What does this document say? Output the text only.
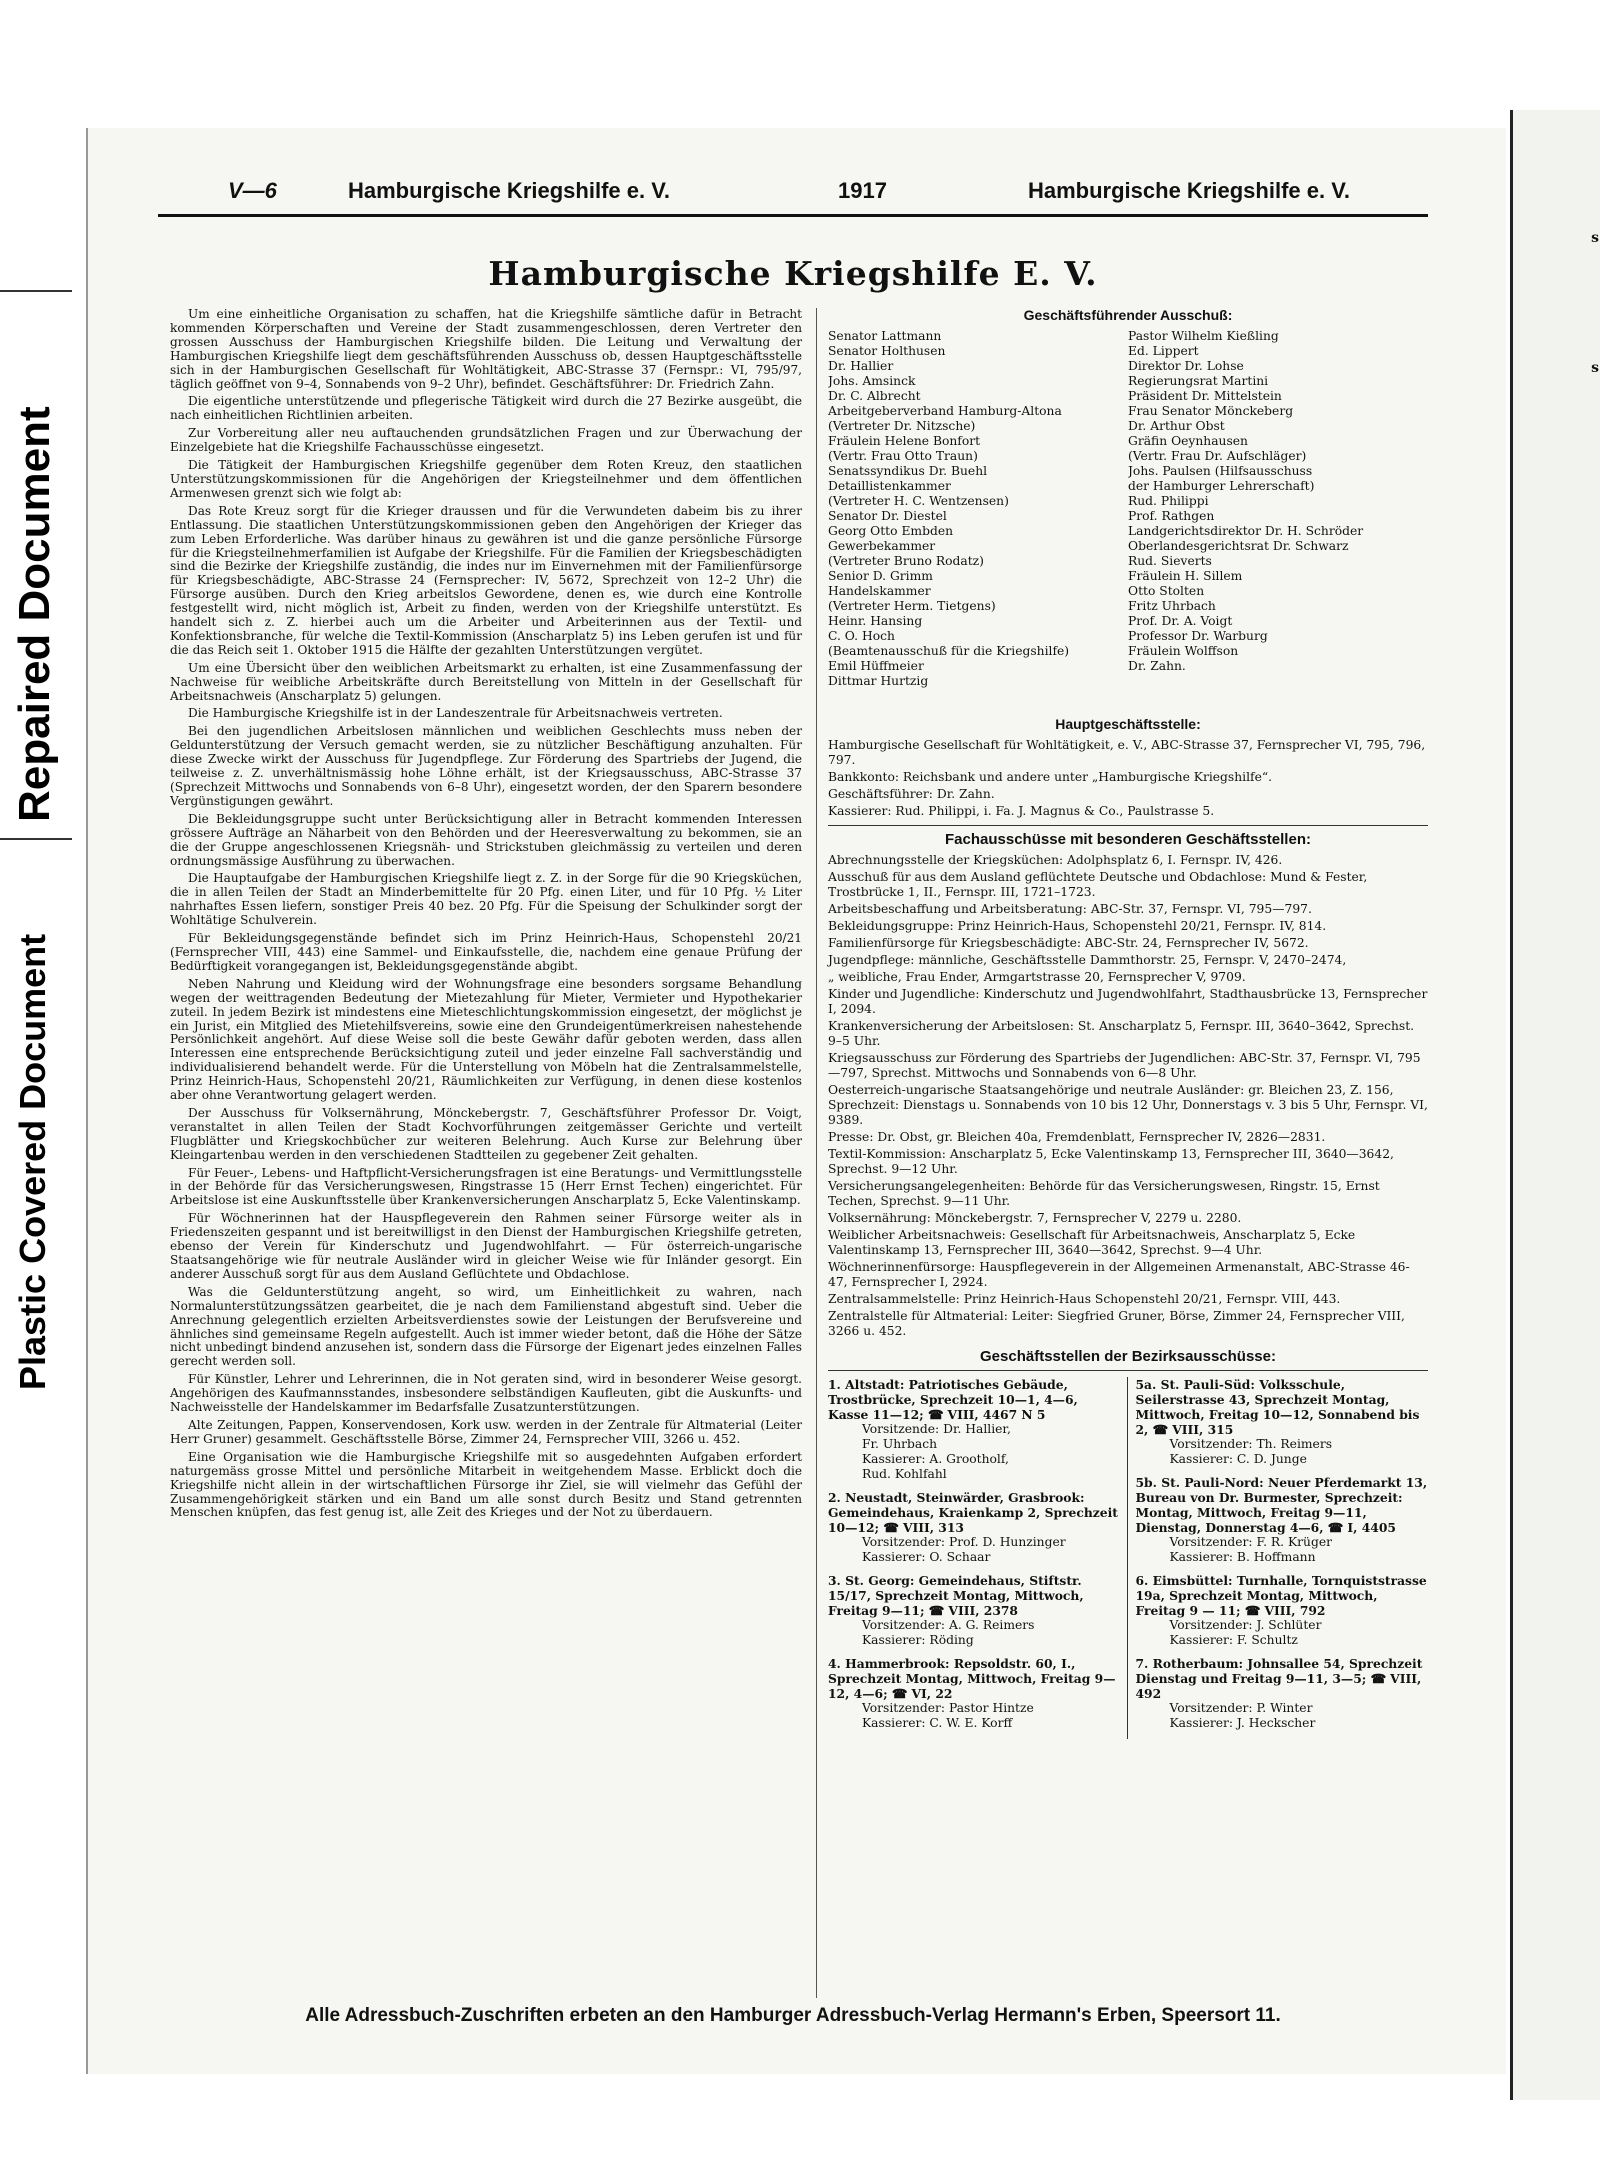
Repaired Document
Plastic Covered Document
s
s
V—6	Hamburgische Kriegshilfe e. V.	1917	Hamburgische Kriegshilfe e. V.
Hamburgische Kriegshilfe E. V.

Um eine einheitliche Organisation zu schaffen, hat die Kriegshilfe sämtliche dafür in Betracht kommenden Körperschaften und Vereine der Stadt zusammengeschlossen, deren Vertreter den grossen Ausschuss der Hamburgischen Kriegshilfe bilden. Die Leitung und Verwaltung der Hamburgischen Kriegshilfe liegt dem geschäftsführenden Ausschuss ob, dessen Hauptgeschäftsstelle sich in der Hamburgischen Gesellschaft für Wohltätigkeit, ABC-Strasse 37 (Fernspr.: VI, 795/97, täglich geöffnet von 9–4, Sonnabends von 9–2 Uhr), befindet. Geschäftsführer: Dr. Friedrich Zahn.

Die eigentliche unterstützende und pflegerische Tätigkeit wird durch die 27 Bezirke ausgeübt, die nach einheitlichen Richtlinien arbeiten.

Zur Vorbereitung aller neu auftauchenden grundsätzlichen Fragen und zur Überwachung der Einzelgebiete hat die Kriegshilfe Fachausschüsse eingesetzt.

Die Tätigkeit der Hamburgischen Kriegshilfe gegenüber dem Roten Kreuz, den staatlichen Unterstützungskommissionen für die Angehörigen der Kriegsteilnehmer und dem öffentlichen Armenwesen grenzt sich wie folgt ab:

Das Rote Kreuz sorgt für die Krieger draussen und für die Verwundeten dabeim bis zu ihrer Entlassung. Die staatlichen Unterstützungskommissionen geben den Angehörigen der Krieger das zum Leben Erforderliche. Was darüber hinaus zu gewähren ist und die ganze persönliche Fürsorge für die Kriegsteilnehmerfamilien ist Aufgabe der Kriegshilfe. Für die Familien der Kriegsbeschädigten sind die Bezirke der Kriegshilfe zuständig, die indes nur im Einvernehmen mit der Familienfürsorge für Kriegsbeschädigte, ABC-Strasse 24 (Fernsprecher: IV, 5672, Sprechzeit von 12–2 Uhr) die Fürsorge ausüben. Durch den Krieg arbeitslos Gewordene, denen es, wie durch eine Kontrolle festgestellt wird, nicht möglich ist, Arbeit zu finden, werden von der Kriegshilfe unterstützt. Es handelt sich z. Z. hierbei auch um die Arbeiter und Arbeiterinnen aus der Textil- und Konfektionsbranche, für welche die Textil-Kommission (Anscharplatz 5) ins Leben gerufen ist und für die das Reich seit 1. Oktober 1915 die Hälfte der gezahlten Unterstützungen vergütet.

Um eine Übersicht über den weiblichen Arbeitsmarkt zu erhalten, ist eine Zusammenfassung der Nachweise für weibliche Arbeitskräfte durch Bereitstellung von Mitteln in der Gesellschaft für Arbeitsnachweis (Anscharplatz 5) gelungen.

Die Hamburgische Kriegshilfe ist in der Landeszentrale für Arbeitsnachweis vertreten.

Bei den jugendlichen Arbeitslosen männlichen und weiblichen Geschlechts muss neben der Geldunterstützung der Versuch gemacht werden, sie zu nützlicher Beschäftigung anzuhalten. Für diese Zwecke wirkt der Ausschuss für Jugendpflege. Zur Förderung des Spartriebs der Jugend, die teilweise z. Z. unverhältnismässig hohe Löhne erhält, ist der Kriegsausschuss, ABC-Strasse 37 (Sprechzeit Mittwochs und Sonnabends von 6–8 Uhr), eingesetzt worden, der den Sparern besondere Vergünstigungen gewährt.

Die Bekleidungsgruppe sucht unter Berücksichtigung aller in Betracht kommenden Interessen grössere Aufträge an Näharbeit von den Behörden und der Heeresverwaltung zu bekommen, sie an die der Gruppe angeschlossenen Kriegsnäh- und Strickstuben gleichmässig zu verteilen und deren ordnungsmässige Ausführung zu überwachen.

Die Hauptaufgabe der Hamburgischen Kriegshilfe liegt z. Z. in der Sorge für die 90 Kriegsküchen, die in allen Teilen der Stadt an Minderbemittelte für 20 Pfg. einen Liter, und für 10 Pfg. ½ Liter nahrhaftes Essen liefern, sonstiger Preis 40 bez. 20 Pfg. Für die Speisung der Schulkinder sorgt der Wohltätige Schulverein.

Für Bekleidungsgegenstände befindet sich im Prinz Heinrich-Haus, Schopenstehl 20/21 (Fernsprecher VIII, 443) eine Sammel- und Einkaufsstelle, die, nachdem eine genaue Prüfung der Bedürftigkeit vorangegangen ist, Bekleidungsgegenstände abgibt.

Neben Nahrung und Kleidung wird der Wohnungsfrage eine besonders sorgsame Behandlung wegen der weittragenden Bedeutung der Mietezahlung für Mieter, Vermieter und Hypothekarier zuteil. In jedem Bezirk ist mindestens eine Mieteschlichtungskommission eingesetzt, der möglichst je ein Jurist, ein Mitglied des Mietehilfsvereins, sowie eine den Grundeigentümerkreisen nahestehende Persönlichkeit angehört. Auf diese Weise soll die beste Gewähr dafür geboten werden, dass allen Interessen eine entsprechende Berücksichtigung zuteil und jeder einzelne Fall sachverständig und individualisierend behandelt werde. Für die Unterstellung von Möbeln hat die Zentralsammelstelle, Prinz Heinrich-Haus, Schopenstehl 20/21, Räumlichkeiten zur Verfügung, in denen diese kostenlos aber ohne Verantwortung gelagert werden.

Der Ausschuss für Volksernährung, Mönckebergstr. 7, Geschäftsführer Professor Dr. Voigt, veranstaltet in allen Teilen der Stadt Kochvorführungen zeitgemässer Gerichte und verteilt Flugblätter und Kriegskochbücher zur weiteren Belehrung. Auch Kurse zur Belehrung über Kleingartenbau werden in den verschiedenen Stadtteilen zu gegebener Zeit gehalten.

Für Feuer-, Lebens- und Haftpflicht-Versicherungsfragen ist eine Beratungs- und Vermittlungsstelle in der Behörde für das Versicherungswesen, Ringstrasse 15 (Herr Ernst Techen) eingerichtet. Für Arbeitslose ist eine Auskunftsstelle über Krankenversicherungen Anscharplatz 5, Ecke Valentinskamp.

Für Wöchnerinnen hat der Hauspflegeverein den Rahmen seiner Fürsorge weiter als in Friedenszeiten gespannt und ist bereitwilligst in den Dienst der Hamburgischen Kriegshilfe getreten, ebenso der Verein für Kinderschutz und Jugendwohlfahrt. — Für österreich-ungarische Staatsangehörige wie für neutrale Ausländer wird in gleicher Weise wie für Inländer gesorgt. Ein anderer Ausschuß sorgt für aus dem Ausland Geflüchtete und Obdachlose.

Was die Geldunterstützung angeht, so wird, um Einheitlichkeit zu wahren, nach Normalunterstützungssätzen gearbeitet, die je nach dem Familienstand abgestuft sind. Ueber die Anrechnung gelegentlich erzielten Arbeitsverdienstes sowie der Leistungen der Berufsvereine und ähnliches sind gemeinsame Regeln aufgestellt. Auch ist immer wieder betont, daß die Höhe der Sätze nicht unbedingt bindend anzusehen ist, sondern dass die Fürsorge der Eigenart jedes einzelnen Falles gerecht werden soll.

Für Künstler, Lehrer und Lehrerinnen, die in Not geraten sind, wird in besonderer Weise gesorgt. Angehörigen des Kaufmannsstandes, insbesondere selbständigen Kaufleuten, gibt die Auskunfts- und Nachweisstelle der Handelskammer im Bedarfsfalle Zusatzunterstützungen.

Alte Zeitungen, Pappen, Konservendosen, Kork usw. werden in der Zentrale für Altmaterial (Leiter Herr Gruner) gesammelt. Geschäftsstelle Börse, Zimmer 24, Fernsprecher VIII, 3266 u. 452.

Eine Organisation wie die Hamburgische Kriegshilfe mit so ausgedehnten Aufgaben erfordert naturgemäss grosse Mittel und persönliche Mitarbeit in weitgehendem Masse. Erblickt doch die Kriegshilfe nicht allein in der wirtschaftlichen Fürsorge ihr Ziel, sie will vielmehr das Gefühl der Zusammengehörigkeit stärken und ein Band um alle sonst durch Besitz und Stand getrennten Menschen knüpfen, das fest genug ist, alle Zeit des Krieges und der Not zu überdauern.

Geschäftsführender Ausschuß:
Senator Lattmann
Senator Holthusen
Dr. Hallier
Johs. Amsinck
Dr. C. Albrecht
Arbeitgeberverband Hamburg-Altona
(Vertreter Dr. Nitzsche)
Fräulein Helene Bonfort
(Vertr. Frau Otto Traun)
Senatssyndikus Dr. Buehl
Detaillistenkammer
(Vertreter H. C. Wentzensen)
Senator Dr. Diestel
Georg Otto Embden
Gewerbekammer
(Vertreter Bruno Rodatz)
Senior D. Grimm
Handelskammer
(Vertreter Herm. Tietgens)
Heinr. Hansing
C. O. Hoch
(Beamtenausschuß für die Kriegshilfe)
Emil Hüffmeier
Dittmar Hurtzig
Pastor Wilhelm Kießling
Ed. Lippert
Direktor Dr. Lohse
Regierungsrat Martini
Präsident Dr. Mittelstein
Frau Senator Mönckeberg
Dr. Arthur Obst
Gräfin Oeynhausen
(Vertr. Frau Dr. Aufschläger)
Johs. Paulsen (Hilfsausschuss
der Hamburger Lehrerschaft)
Rud. Philippi
Prof. Rathgen
Landgerichtsdirektor Dr. H. Schröder
Oberlandesgerichtsrat Dr. Schwarz
Rud. Sieverts
Fräulein H. Sillem
Otto Stolten
Fritz Uhrbach
Prof. Dr. A. Voigt
Professor Dr. Warburg
Fräulein Wolffson
Dr. Zahn.
Hauptgeschäftsstelle:
Hamburgische Gesellschaft für Wohltätigkeit, e. V., ABC-Strasse 37, Fernsprecher VI, 795, 796, 797.
Bankkonto: Reichsbank und andere unter „Hamburgische Kriegshilfe“.
Geschäftsführer: Dr. Zahn.
Kassierer: Rud. Philippi, i. Fa. J. Magnus & Co., Paulstrasse 5.
Fachausschüsse mit besonderen Geschäftsstellen:
Abrechnungsstelle der Kriegsküchen: Adolphsplatz 6, I. Fernspr. IV, 426.
Ausschuß für aus dem Ausland geflüchtete Deutsche und Obdachlose: Mund & Fester, Trostbrücke 1, II., Fernspr. III, 1721–1723.
Arbeitsbeschaffung und Arbeitsberatung: ABC-Str. 37, Fernspr. VI, 795—797.
Bekleidungsgruppe: Prinz Heinrich-Haus, Schopenstehl 20/21, Fernspr. IV, 814.
Familienfürsorge für Kriegsbeschädigte: ABC-Str. 24, Fernsprecher IV, 5672.
Jugendpflege: männliche, Geschäftsstelle Dammthorstr. 25, Fernspr. V, 2470–2474,
„ weibliche, Frau Ender, Armgartstrasse 20, Fernsprecher V, 9709.
Kinder und Jugendliche: Kinderschutz und Jugendwohlfahrt, Stadthausbrücke 13, Fernsprecher I, 2094.
Krankenversicherung der Arbeitslosen: St. Anscharplatz 5, Fernspr. III, 3640–3642, Sprechst. 9–5 Uhr.
Kriegsausschuss zur Förderung des Spartriebs der Jugendlichen: ABC-Str. 37, Fernspr. VI, 795—797, Sprechst. Mittwochs und Sonnabends von 6—8 Uhr.
Oesterreich-ungarische Staatsangehörige und neutrale Ausländer: gr. Bleichen 23, Z. 156, Sprechzeit: Dienstags u. Sonnabends von 10 bis 12 Uhr, Donnerstags v. 3 bis 5 Uhr, Fernspr. VI, 9389.
Presse: Dr. Obst, gr. Bleichen 40a, Fremdenblatt, Fernsprecher IV, 2826—2831.
Textil-Kommission: Anscharplatz 5, Ecke Valentinskamp 13, Fernsprecher III, 3640—3642, Sprechst. 9—12 Uhr.
Versicherungsangelegenheiten: Behörde für das Versicherungswesen, Ringstr. 15, Ernst Techen, Sprechst. 9—11 Uhr.
Volksernährung: Mönckebergstr. 7, Fernsprecher V, 2279 u. 2280.
Weiblicher Arbeitsnachweis: Gesellschaft für Arbeitsnachweis, Anscharplatz 5, Ecke Valentinskamp 13, Fernsprecher III, 3640—3642, Sprechst. 9—4 Uhr.
Wöchnerinnenfürsorge: Hauspflegeverein in der Allgemeinen Armenanstalt, ABC-Strasse 46-47, Fernsprecher I, 2924.
Zentralsammelstelle: Prinz Heinrich-Haus Schopenstehl 20/21, Fernspr. VIII, 443.
Zentralstelle für Altmaterial: Leiter: Siegfried Gruner, Börse, Zimmer 24, Fernsprecher VIII, 3266 u. 452.
Geschäftsstellen der Bezirksausschüsse:
1. Altstadt: Patriotisches Gebäude, Trostbrücke, Sprechzeit 10—1, 4—6, Kasse 11—12; ☎ VIII, 4467 N 5
Vorsitzende: Dr. Hallier,
Fr. Uhrbach
Kassierer: A. Grootholf,
Rud. Kohlfahl
2. Neustadt, Steinwärder, Grasbrook: Gemeindehaus, Kraienkamp 2, Sprechzeit 10—12; ☎ VIII, 313
Vorsitzender: Prof. D. Hunzinger
Kassierer: O. Schaar
3. St. Georg: Gemeindehaus, Stiftstr. 15/17, Sprechzeit Montag, Mittwoch, Freitag 9—11; ☎ VIII, 2378
Vorsitzender: A. G. Reimers
Kassierer: Röding
4. Hammerbrook: Repsoldstr. 60, I., Sprechzeit Montag, Mittwoch, Freitag 9—12, 4—6; ☎ VI, 22
Vorsitzender: Pastor Hintze
Kassierer: C. W. E. Korff
5a. St. Pauli-Süd: Volksschule, Seilerstrasse 43, Sprechzeit Montag, Mittwoch, Freitag 10—12, Sonnabend bis 2, ☎ VIII, 315
Vorsitzender: Th. Reimers
Kassierer: C. D. Junge
5b. St. Pauli-Nord: Neuer Pferdemarkt 13, Bureau von Dr. Burmester, Sprechzeit: Montag, Mittwoch, Freitag 9—11, Dienstag, Donnerstag 4—6, ☎ I, 4405
Vorsitzender: F. R. Krüger
Kassierer: B. Hoffmann
6. Eimsbüttel: Turnhalle, Tornquiststrasse 19a, Sprechzeit Montag, Mittwoch, Freitag 9 — 11; ☎ VIII, 792
Vorsitzender: J. Schlüter
Kassierer: F. Schultz
7. Rotherbaum: Johnsallee 54, Sprechzeit Dienstag und Freitag 9—11, 3—5; ☎ VIII, 492
Vorsitzender: P. Winter
Kassierer: J. Heckscher
Alle Adressbuch-Zuschriften erbeten an den Hamburger Adressbuch-Verlag Hermann's Erben, Speersort 11.
